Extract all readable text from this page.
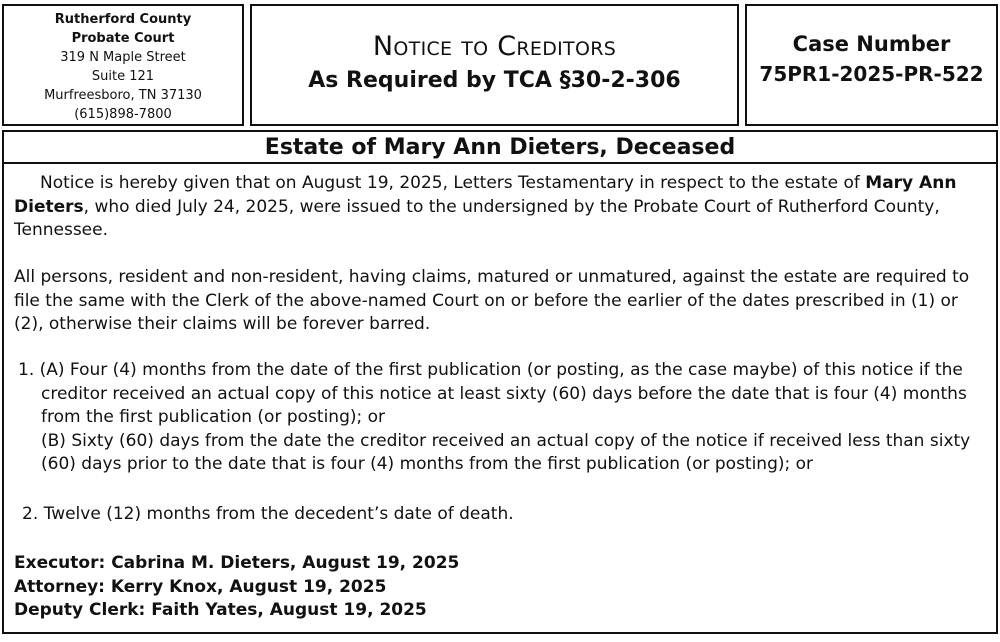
Rutherford County
Probate Court
319 N Maple Street
Suite 121
Murfreesboro, TN 37130
(615)898-7800
Notice to Creditors
As Required by TCA §30-2-306
Case Number
75PR1-2025-PR-522
Estate of Mary Ann Dieters, Deceased
Notice is hereby given that on August 19, 2025, Letters Testamentary in respect to the estate of Mary Ann Dieters, who died July 24, 2025, were issued to the undersigned by the Probate Court of Rutherford County, Tennessee.
All persons, resident and non-resident, having claims, matured or unmatured, against the estate are required to file the same with the Clerk of the above-named Court on or before the earlier of the dates prescribed in (1) or (2), otherwise their claims will be forever barred.
1. (A) Four (4) months from the date of the first publication (or posting, as the case maybe) of this notice if the
creditor received an actual copy of this notice at least sixty (60) days before the date that is four (4) months from the first publication (or posting); or
(B) Sixty (60) days from the date the creditor received an actual copy of the notice if received less than sixty (60) days prior to the date that is four (4) months from the first publication (or posting); or
2. Twelve (12) months from the decedent’s date of death.
Executor: Cabrina M. Dieters, August 19, 2025
Attorney: Kerry Knox, August 19, 2025
Deputy Clerk: Faith Yates, August 19, 2025
